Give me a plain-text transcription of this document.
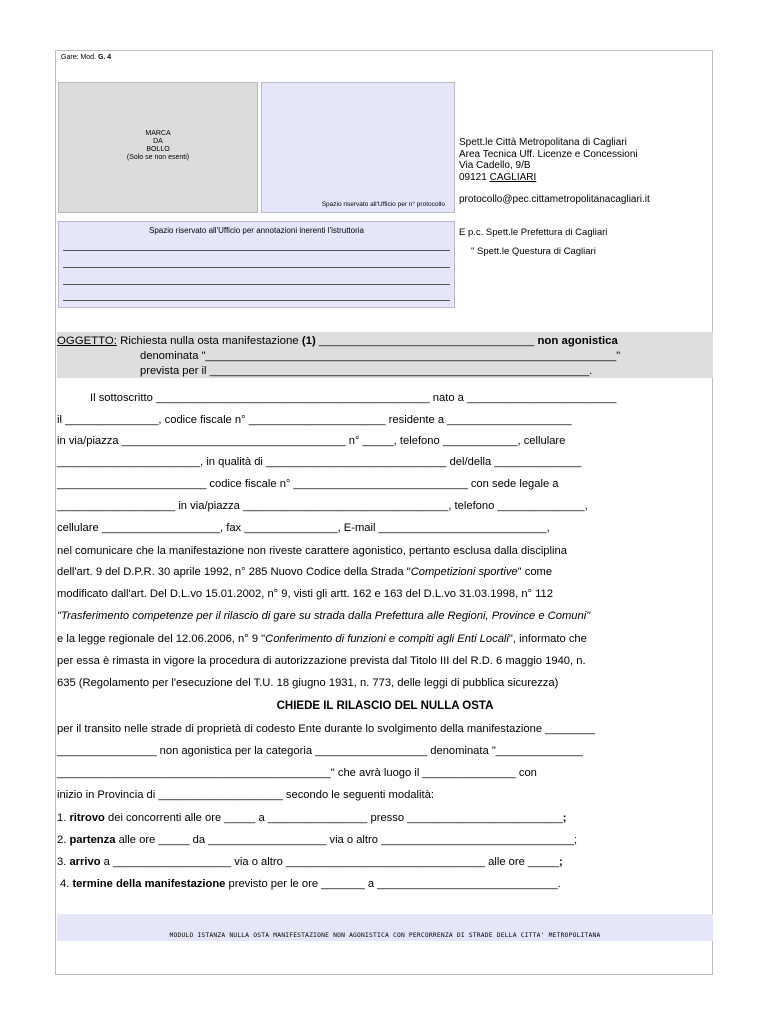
Gare: Mod. G. 4
MARCA
DA
BOLLO
(Solo se non esenti)
Spazio riservato all'Ufficio per n° protocollo
Spazio riservato all'Ufficio per annotazioni inerenti l'istruttoria
Spett.le Città Metropolitana di Cagliari
Area Tecnica Uff. Licenze e Concessioni
Via Cadello, 9/B
09121 CAGLIARI
protocollo@pec.cittametropolitanacagliari.it
E p.c. Spett.le Prefettura di Cagliari
" Spett.le Questura di Cagliari
OGGETTO: Richiesta nulla osta manifestazione (1) __________________________________ non agonistica
denominata "__________________________________________________________________"
prevista per il _____________________________________________________________.
Il sottoscritto ____________________________________________ nato a ________________________
il _______________, codice fiscale n° ______________________ residente a ____________________
in via/piazza ____________________________________ n° _____, telefono ____________, cellulare
_______________________, in qualità di _____________________________ del/della ______________
________________________ codice fiscale n° ____________________________ con sede legale a
___________________ in via/piazza _________________________________, telefono ______________,
cellulare ___________________, fax _______________, E-mail ___________________________,
nel comunicare che la manifestazione non riveste carattere agonistico, pertanto esclusa dalla disciplina
dell'art. 9 del D.P.R. 30 aprile 1992, n° 285 Nuovo Codice della Strada "Competizioni sportive" come
modificato dall'art. Del D.L.vo 15.01.2002, n° 9, visti gli artt. 162 e 163 del D.L.vo 31.03.1998, n° 112
"Trasferimento competenze per il rilascio di gare su strada dalla Prefettura alle Regioni, Province e Comuni"
e la legge regionale del 12.06.2006, n° 9 "Conferimento di funzioni e compiti agli Enti Locali", informato che
per essa è rimasta in vigore la procedura di autorizzazione prevista dal Titolo III del R.D. 6 maggio 1940, n.
635 (Regolamento per l'esecuzione del T.U. 18 giugno 1931, n. 773, delle leggi di pubblica sicurezza)
CHIEDE IL RILASCIO DEL NULLA OSTA
per il transito nelle strade di proprietà di codesto Ente durante lo svolgimento della manifestazione ________
________________ non agonistica per la categoria __________________ denominata "______________
____________________________________________" che avrà luogo il _______________ con
inizio in Provincia di ____________________ secondo le seguenti modalità:
1. ritrovo dei concorrenti alle ore _____ a ________________ presso _________________________;
2. partenza alle ore _____ da ___________________ via o altro _______________________________;
3. arrivo a ___________________ via o altro ________________________________ alle ore _____;
4. termine della manifestazione previsto per le ore _______ a _____________________________.
MODULO ISTANZA NULLA OSTA MANIFESTAZIONE NON AGONISTICA CON PERCORRENZA DI STRADE DELLA CITTA' METROPOLITANA
